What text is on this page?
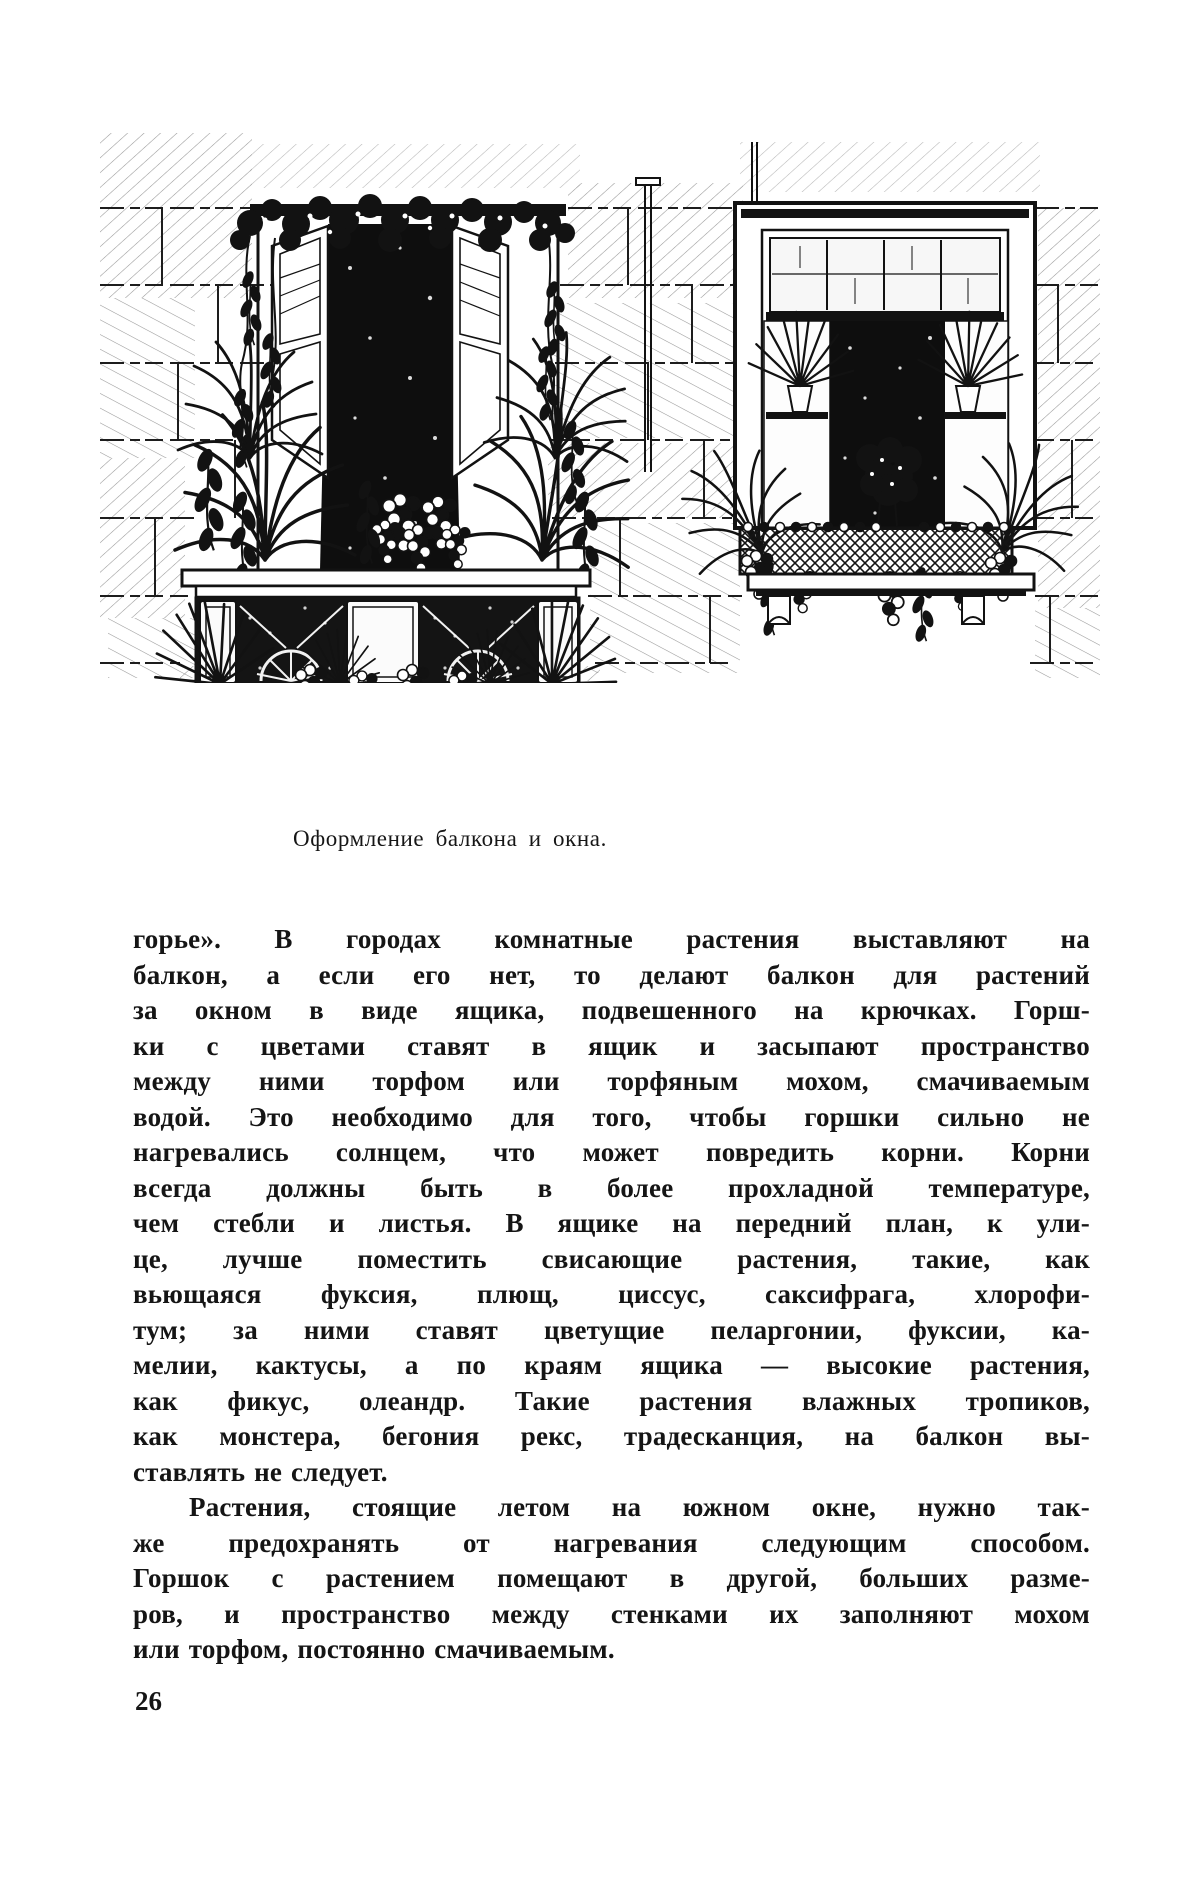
Оформление балкона и окна.
горье». В городах комнатные растения выставляют на
балкон, а если его нет, то делают балкон для растений
за окном в виде ящика, подвешенного на крючках. Горш-
ки с цветами ставят в ящик и засыпают пространство
между ними торфом или торфяным мохом, смачиваемым
водой. Это необходимо для того, чтобы горшки сильно не
нагревались солнцем, что может повредить корни. Корни
всегда должны быть в более прохладной температуре,
чем стебли и листья. В ящике на передний план, к ули-
це, лучше поместить свисающие растения, такие, как
вьющаяся фуксия, плющ, циссус, саксифрага, хлорофи-
тум; за ними ставят цветущие пеларгонии, фуксии, ка-
мелии, кактусы, а по краям ящика — высокие растения,
как фикус, олеандр. Такие растения влажных тропиков,
как монстера, бегония рекс, традесканция, на балкон вы-
ставлять не следует.
Растения, стоящие летом на южном окне, нужно так-
же предохранять от нагревания следующим способом.
Горшок с растением помещают в другой, больших разме-
ров, и пространство между стенками их заполняют мохом
или торфом, постоянно смачиваемым.
26
